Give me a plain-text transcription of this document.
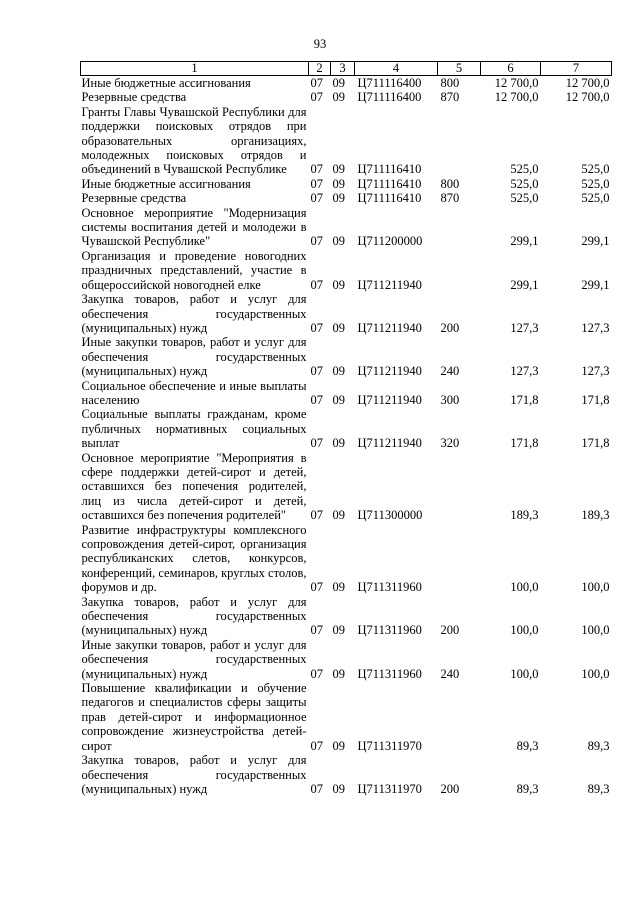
93
1	2	3	4	5	6	7
Иные бюджетные ассигнования	07	09	Ц711116400	800	12 700,0	12 700,0
Резервные средства	07	09	Ц711116400	870	12 700,0	12 700,0
Гранты Главы Чувашской Республики для поддержки поисковых отрядов при образовательных организациях, молодежных поисковых отрядов и объединений в Чувашской Республике	07	09	Ц711116410		525,0	525,0
Иные бюджетные ассигнования	07	09	Ц711116410	800	525,0	525,0
Резервные средства	07	09	Ц711116410	870	525,0	525,0
Основное мероприятие "Модернизация системы воспитания детей и молодежи в Чувашской Республике"	07	09	Ц711200000		299,1	299,1
Организация и проведение новогодних праздничных представлений, участие в общероссийской новогодней елке	07	09	Ц711211940		299,1	299,1
Закупка товаров, работ и услуг для обеспечения государственных (муниципальных) нужд	07	09	Ц711211940	200	127,3	127,3
Иные закупки товаров, работ и услуг для обеспечения государственных (муниципальных) нужд	07	09	Ц711211940	240	127,3	127,3
Социальное обеспечение и иные выплаты населению	07	09	Ц711211940	300	171,8	171,8
Социальные выплаты гражданам, кроме публичных нормативных социальных выплат	07	09	Ц711211940	320	171,8	171,8
Основное мероприятие "Мероприятия в сфере поддержки детей-сирот и детей, оставшихся без попечения родителей, лиц из числа детей-сирот и детей, оставшихся без попечения родителей"	07	09	Ц711300000		189,3	189,3
Развитие инфраструктуры комплексного сопровождения детей-сирот, организация республиканских слетов, конкурсов, конференций, семинаров, круглых столов, форумов и др.	07	09	Ц711311960		100,0	100,0
Закупка товаров, работ и услуг для обеспечения государственных (муниципальных) нужд	07	09	Ц711311960	200	100,0	100,0
Иные закупки товаров, работ и услуг для обеспечения государственных (муниципальных) нужд	07	09	Ц711311960	240	100,0	100,0
Повышение квалификации и обучение педагогов и специалистов сферы защиты прав детей-сирот и информационное сопровождение жизнеустройства детей-сирот	07	09	Ц711311970		89,3	89,3
Закупка товаров, работ и услуг для обеспечения государственных (муниципальных) нужд	07	09	Ц711311970	200	89,3	89,3
